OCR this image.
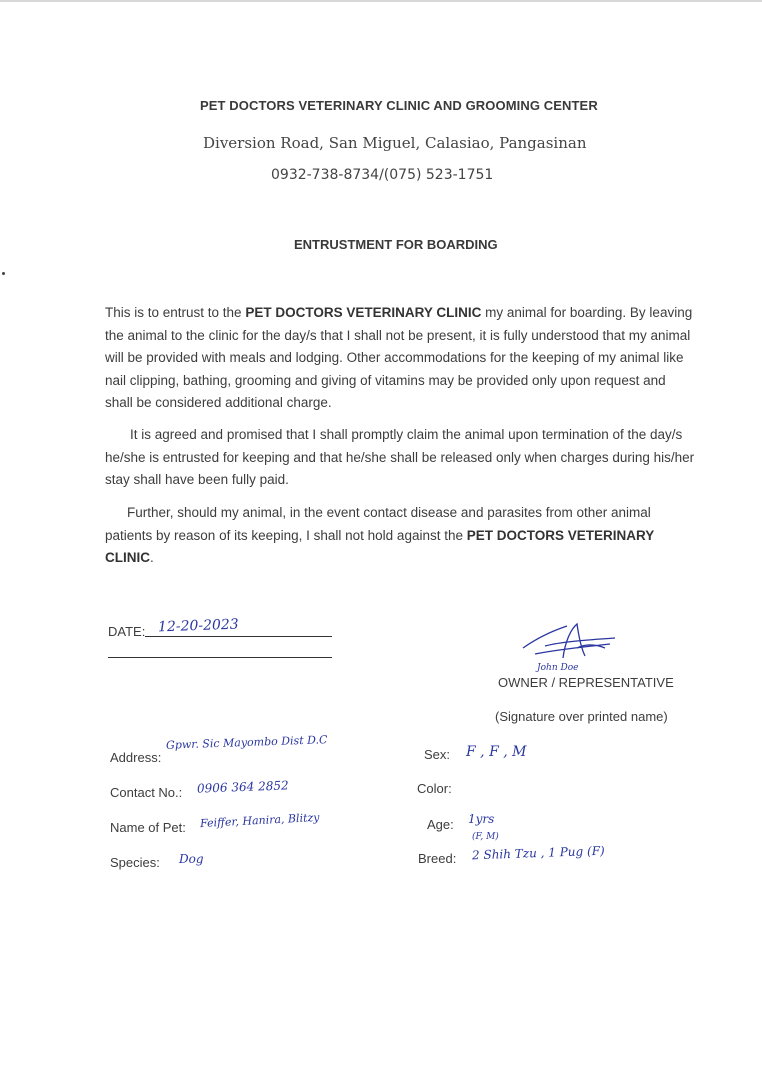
PET DOCTORS VETERINARY CLINIC AND GROOMING CENTER
Diversion Road, San Miguel, Calasiao, Pangasinan
0932-738-8734/(075) 523-1751
ENTRUSTMENT FOR BOARDING
This is to entrust to the PET DOCTORS VETERINARY CLINIC my animal for boarding. By leaving the animal to the clinic for the day/s that I shall not be present, it is fully understood that my animal will be provided with meals and lodging. Other accommodations for the keeping of my animal like nail clipping, bathing, grooming and giving of vitamins may be provided only upon request and shall be considered additional charge.
It is agreed and promised that I shall promptly claim the animal upon termination of the day/s he/she is entrusted for keeping and that he/she shall be released only when charges during his/her stay shall have been fully paid.
Further, should my animal, in the event contact disease and parasites from other animal patients by reason of its keeping, I shall not hold against the PET DOCTORS VETERINARY CLINIC.
DATE: 12-20-2023
John Doe
OWNER / REPRESENTATIVE
(Signature over printed name)
Address:
Gpwr. Sic Mayombo Dist D.C
Contact No.: 0906 364 2852
Name of Pet: Feiffer, Hanira, Blitzy
Species: Dog
Sex: F , F , M
Color:
Age: 1yrs
Breed:
(F, M)
2 Shih Tzu , 1 Pug (F)
